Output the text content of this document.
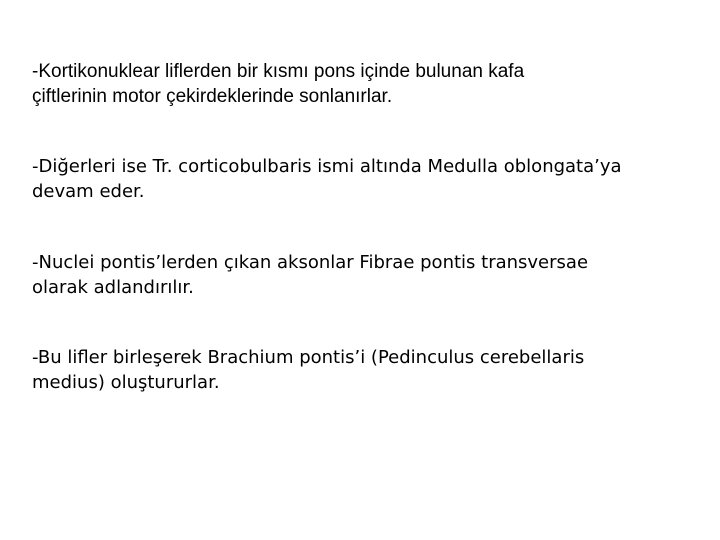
-Kortikonuklear liflerden bir kısmı pons içinde bulunan kafa
çiftlerinin motor çekirdeklerinde sonlanırlar.

-Diğerleri ise Tr. corticobulbaris ismi altında Medulla oblongata’ya
devam eder.

-Nuclei pontis’lerden çıkan aksonlar Fibrae pontis transversae
olarak adlandırılır.

-Bu lifler birleşerek Brachium pontis’i (Pedinculus cerebellaris
medius) oluştururlar.
